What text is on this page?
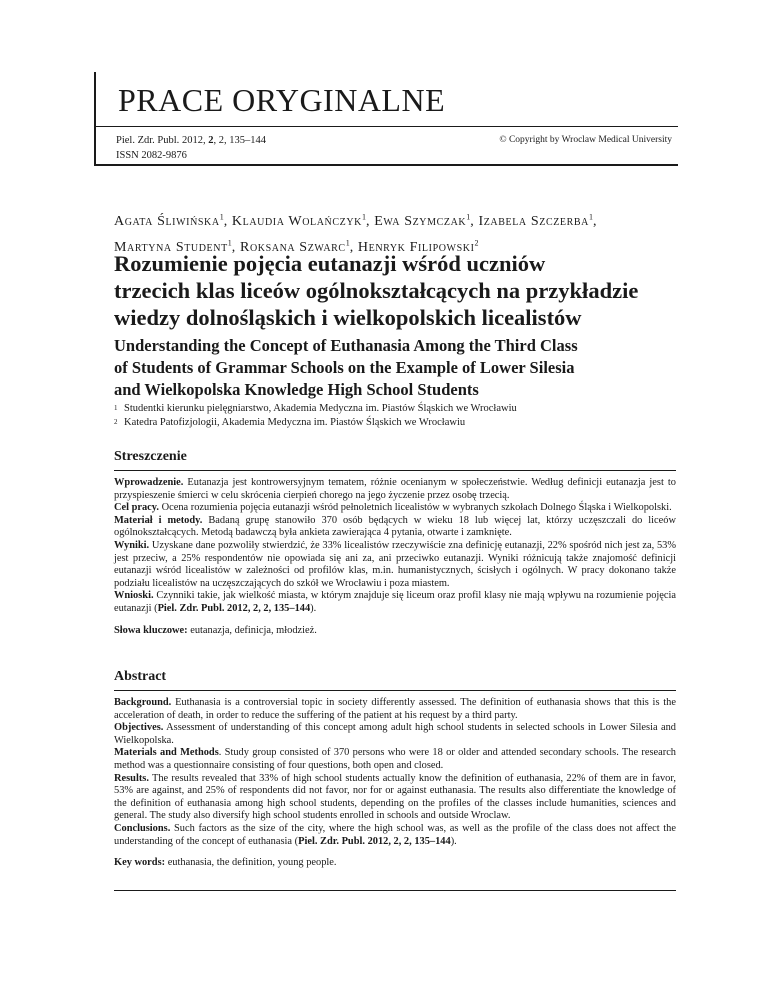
PRACE ORYGINALNE
Piel. Zdr. Publ. 2012, 2, 2, 135–144
ISSN 2082-9876
© Copyright by Wroclaw Medical University
Agata Śliwińska$^1$, Klaudia Wolańczyk$^1$, Ewa Szymczak$^1$, Izabela Szczerba$^1$,
Martyna Student$^1$, Roksana Szwarc$^1$, Henryk Filipowski$^2$
Rozumienie pojęcia eutanazji wśród uczniów
trzecich klas liceów ogólnokształcących na przykładzie
wiedzy dolnośląskich i wielkopolskich licealistów
Understanding the Concept of Euthanasia Among the Third Class
of Students of Grammar Schools on the Example of Lower Silesia
and Wielkopolska Knowledge High School Students
$^1$ Studentki kierunku pielęgniarstwo, Akademia Medyczna im. Piastów Śląskich we Wrocławiu
$^2$ Katedra Patofizjologii, Akademia Medyczna im. Piastów Śląskich we Wrocławiu
Streszczenie

Wprowadzenie. Eutanazja jest kontrowersyjnym tematem, różnie ocenianym w społeczeństwie. Według definicji eutanazja jest to przyspieszenie śmierci w celu skrócenia cierpień chorego na jego życzenie przez osobę trzecią.

Cel pracy. Ocena rozumienia pojęcia eutanazji wśród pełnoletnich licealistów w wybranych szkołach Dolnego Śląska i Wielkopolski.

Materiał i metody. Badaną grupę stanowiło 370 osób będących w wieku 18 lub więcej lat, którzy uczęszczali do liceów ogólnokształcących. Metodą badawczą była ankieta zawierająca 4 pytania, otwarte i zamknięte.

Wyniki. Uzyskane dane pozwoliły stwierdzić, że 33% licealistów rzeczywiście zna definicję eutanazji, 22% spośród nich jest za, 53% jest przeciw, a 25% respondentów nie opowiada się ani za, ani przeciwko eutanazji. Wyniki różnicują także znajomość definicji eutanazji wśród licealistów w zależności od profilów klas, m.in. humanistycznych, ścisłych i ogólnych. W pracy dokonano także podziału licealistów na uczęszczających do szkół we Wrocławiu i poza miastem.

Wnioski. Czynniki takie, jak wielkość miasta, w którym znajduje się liceum oraz profil klasy nie mają wpływu na rozumienie pojęcia eutanazji (Piel. Zdr. Publ. 2012, 2, 2, 135–144).

Słowa kluczowe: eutanazja, definicja, młodzież.

Abstract

Background. Euthanasia is a controversial topic in society differently assessed. The definition of euthanasia shows that this is the acceleration of death, in order to reduce the suffering of the patient at his request by a third party.

Objectives. Assessment of understanding of this concept among adult high school students in selected schools in Lower Silesia and Wielkopolska.

Materials and Methods. Study group consisted of 370 persons who were 18 or older and attended secondary schools. The research method was a questionnaire consisting of four questions, both open and closed.

Results. The results revealed that 33% of high school students actually know the definition of euthanasia, 22% of them are in favor, 53% are against, and 25% of respondents did not favor, nor for or against euthanasia. The results also differentiate the knowledge of the definition of euthanasia among high school students, depending on the profiles of the classes include humanities, sciences and general. The study also diversify high school students enrolled in schools and outside Wroclaw.

Conclusions. Such factors as the size of the city, where the high school was, as well as the profile of the class does not affect the understanding of the concept of euthanasia (Piel. Zdr. Publ. 2012, 2, 2, 135–144).

Key words: euthanasia, the definition, young people.
